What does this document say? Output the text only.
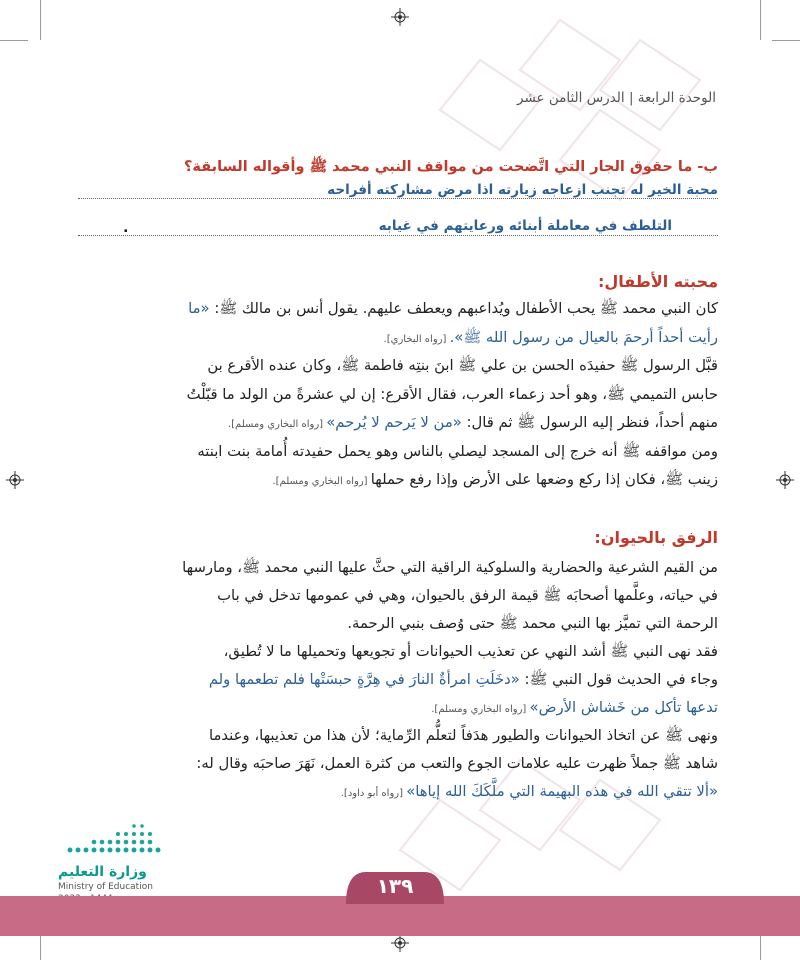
الوحدة الرابعة | الدرس الثامن عشر
ب- ما حقوق الجار التي اتَّضحت من مواقف النبي محمد ﷺ وأقواله السابقة؟
محبة الخير له تجنب ازعاجه زيارته اذا مرض مشاركته أفراحه
التلطف في معاملة أبنائه ورعايتهم في غيابه
.
محبته الأطفال:
كان النبي محمد ﷺ يحب الأطفال ويُداعبهم ويعطف عليهم. يقول أنس بن مالك ﷺ: «ما
رأيت أحداً أرحمَ بالعيال من رسول الله ﷺ». [رواه البخاري].
قبَّل الرسول ﷺ حفيدَه الحسن بن علي ﷺ ابنَ بنتِه فاطمة ﷺ، وكان عنده الأقرع بن
حابس التميمي ﷺ، وهو أحد زعماء العرب، فقال الأقرع: إن لي عشرةً من الولد ما قبّلْتُ
منهم أحداً، فنظر إليه الرسول ﷺ ثم قال: «من لا يَرحم لا يُرحم» [رواه البخاري ومسلم].
ومن مواقفه ﷺ أنه خرج إلى المسجد ليصلي بالناس وهو يحمل حفيدته أُمامة بنت ابنته
زينب ﷺ، فكان إذا ركع وضعها على الأرض وإذا رفع حملها [رواه البخاري ومسلم].
الرفق بالحيوان:
من القيم الشرعية والحضارية والسلوكية الراقية التي حثَّ عليها النبي محمد ﷺ، ومارسها
في حياته، وعلَّمها أصحابَه ﷺ قيمة الرفق بالحيوان، وهي في عمومها تدخل في باب
الرحمة التي تميَّز بها النبي محمد ﷺ حتى وُصف بنبي الرحمة.
فقد نهى النبي ﷺ أشد النهي عن تعذيب الحيوانات أو تجويعها وتحميلها ما لا تُطيق،
وجاء في الحديث قول النبي ﷺ: «دخَلَتِ امرأةٌ النارَ في هِرَّةٍ حبسَتْها فلم تطعمها ولم
تدعها تأكل من خَشاش الأرض» [رواه البخاري ومسلم].
ونهى ﷺ عن اتخاذ الحيوانات والطيور هدَفاً لتعلُّم الرِّماية؛ لأن هذا من تعذيبها، وعندما
شاهد ﷺ جملاً ظهرت عليه علامات الجوع والتعب من كثرة العمل، نَهَرَ صاحبَه وقال له:
«ألا تتقي الله في هذه البهيمة التي ملَّكَكَ الله إياها» [رواه أبو داود].
وزارة التعليم
Ministry of Education	١٣٩
